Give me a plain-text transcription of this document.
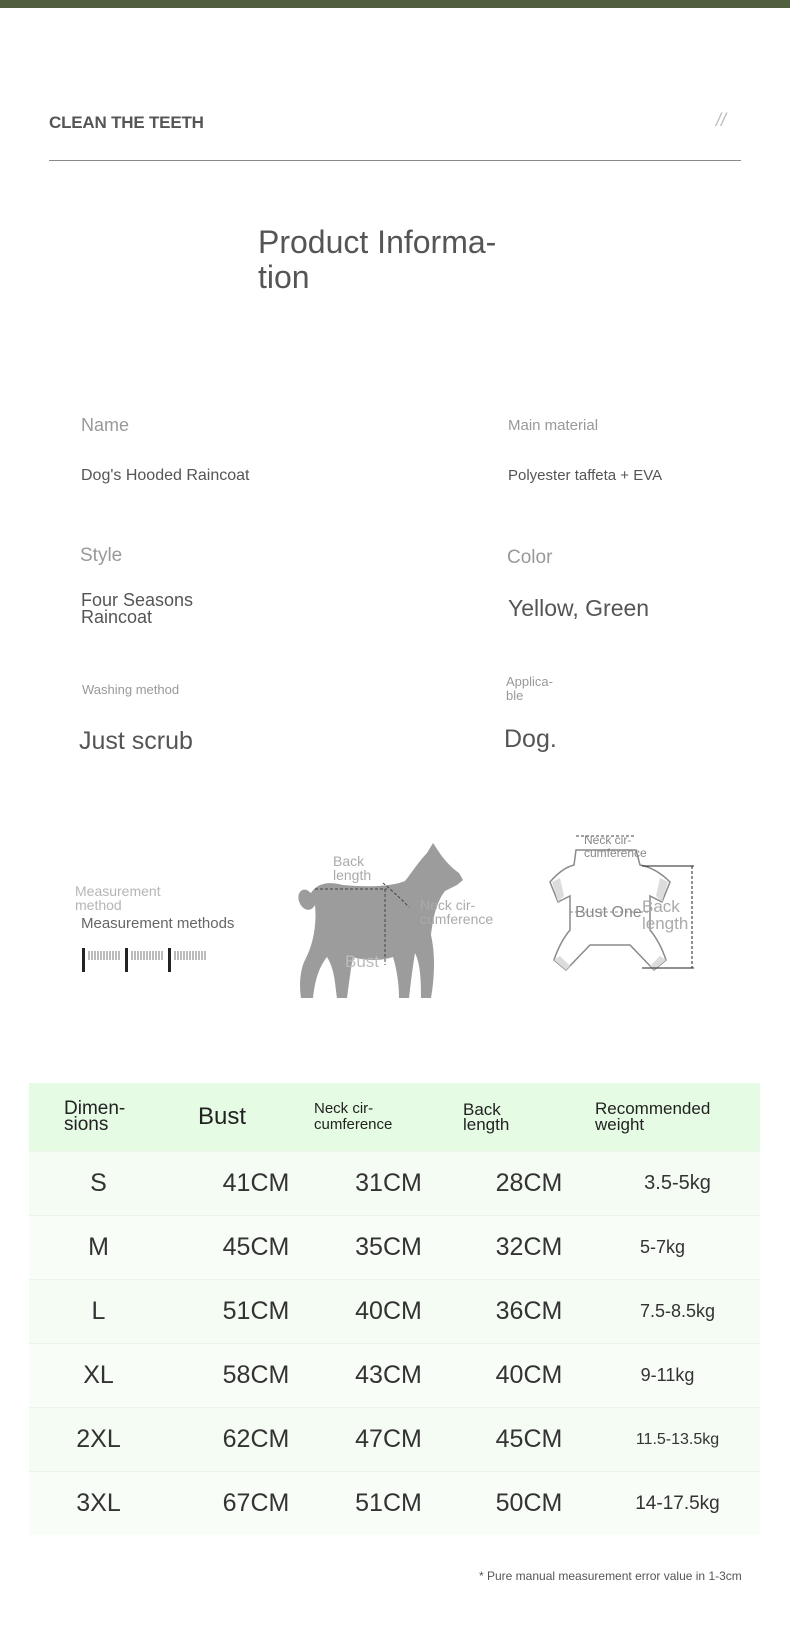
CLEAN THE TEETH	//
Product Informa-
tion
Name
Dog's Hooded Raincoat
Main material
Polyester taffeta + EVA
Style
Four Seasons
Raincoat
Color
Yellow, Green
Washing method
Just scrub
Applica-
ble
Dog.
Measurement
method
Measurement methods
Back
length
Neck cir-
cumference
Bust
Neck cir-
cumference
Bust One Back
length
Dimen-
sions	Bust	Neck cir-
cumference	Back
length	Recommended
weight
S	41CM	31CM	28CM	3.5-5kg
M	45CM	35CM	32CM	5-7kg
L	51CM	40CM	36CM	7.5-8.5kg
XL	58CM	43CM	40CM	9-11kg
2XL	62CM	47CM	45CM	11.5-13.5kg
3XL	67CM	51CM	50CM	14-17.5kg
* Pure manual measurement error value in 1-3cm
